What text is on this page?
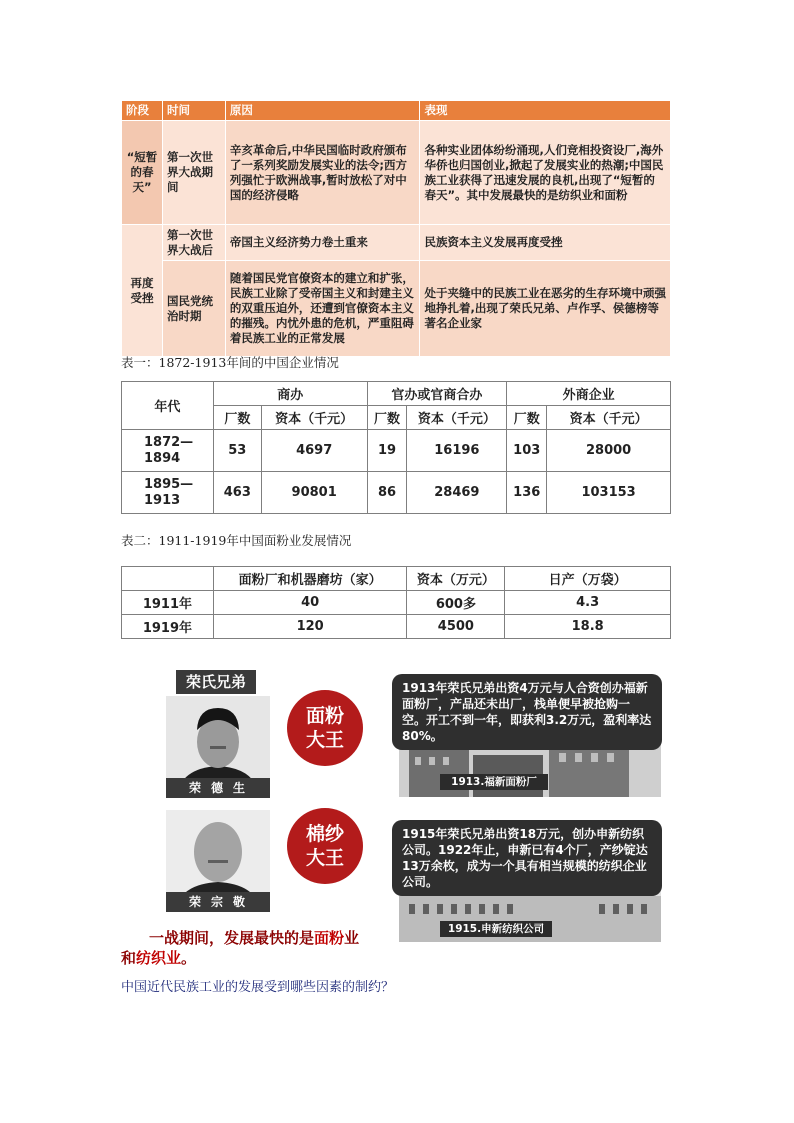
阶段	时间	原因	表现
“短暂的春天”	第一次世界大战期间	辛亥革命后,中华民国临时政府颁布了一系列奖励发展实业的法令;西方列强忙于欧洲战事,暂时放松了对中国的经济侵略	各种实业团体纷纷涌现,人们竞相投资设厂,海外华侨也归国创业,掀起了发展实业的热潮;中国民族工业获得了迅速发展的良机,出现了“短暂的春天”。其中发展最快的是纺织业和面粉
再度受挫	第一次世界大战后	帝国主义经济势力卷土重来	民族资本主义发展再度受挫
	国民党统治时期	随着国民党官僚资本的建立和扩张，民族工业除了受帝国主义和封建主义的双重压迫外，还遭到官僚资本主义的摧残。内忧外患的危机，严重阻碍着民族工业的正常发展	处于夹缝中的民族工业在恶劣的生存环境中顽强地挣扎着,出现了荣氏兄弟、卢作孚、侯德榜等著名企业家
表一：1872-1913年间的中国企业情况
年代	商办		官办或官商合办		外商企业	
	厂数	资本（千元）	厂数	资本（千元）	厂数	资本（千元）
1872—1894	53	4697	19	16196	103	28000
1895—1913	463	90801	86	28469	136	103153
表二：1911-1919年中国面粉业发展情况
	面粉厂和机器磨坊（家）	资本（万元）	日产（万袋）
1911年	40	600多	4.3
1919年	120	4500	18.8
荣氏兄弟
荣德生
荣宗敬
面粉
大王
棉纱
大王
1913.福新面粉厂
1913年荣氏兄弟出资4万元与人合资创办福新面粉厂，产品还未出厂，栈单便早被抢购一空。开工不到一年，即获利3.2万元，盈利率达80%。
1915.申新纺织公司
1915年荣氏兄弟出资18万元，创办申新纺织公司。1922年止，申新已有4个厂，产纱锭达13万余枚，成为一个具有相当规模的纺织企业公司。
一战期间，发展最快的是面粉业和纺织业。
中国近代民族工业的发展受到哪些因素的制约？
